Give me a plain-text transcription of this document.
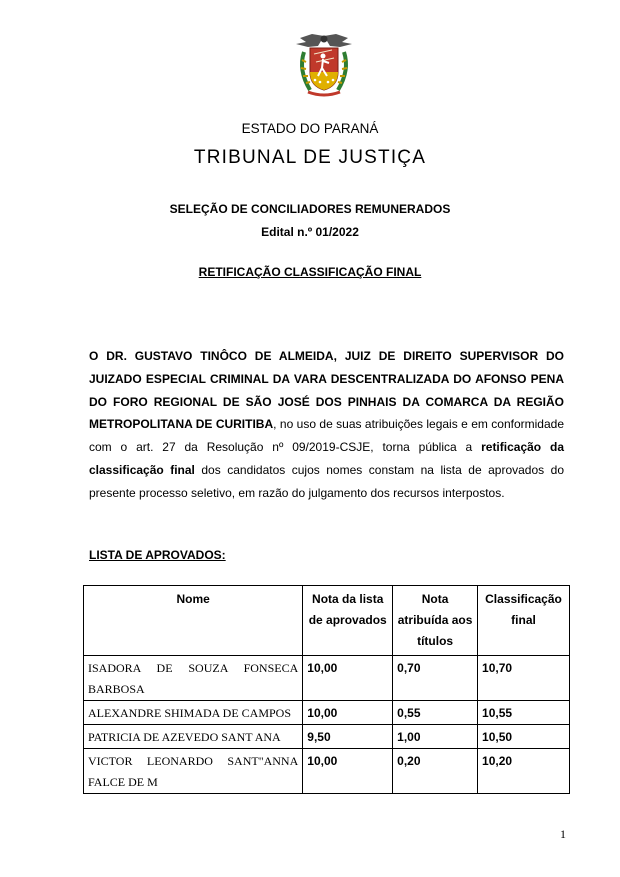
ESTADO DO PARANÁ
TRIBUNAL DE JUSTIÇA
SELEÇÃO DE CONCILIADORES REMUNERADOS
Edital n.º 01/2022
RETIFICAÇÃO CLASSIFICAÇÃO FINAL

O DR. GUSTAVO TINÔCO DE ALMEIDA, JUIZ DE DIREITO SUPERVISOR DO JUIZADO ESPECIAL CRIMINAL DA VARA DESCENTRALIZADA DO AFONSO PENA DO FORO REGIONAL DE SÃO JOSÉ DOS PINHAIS DA COMARCA DA REGIÃO METROPOLITANA DE CURITIBA, no uso de suas atribuições legais e em conformidade com o art. 27 da Resolução nº 09/2019-CSJE, torna pública a retificação da classificação final dos candidatos cujos nomes constam na lista de aprovados do presente processo seletivo, em razão do julgamento dos recursos interpostos.

LISTA DE APROVADOS:
Nome	Nota da lista de aprovados	Nota atribuída aos títulos	Classificação final
ISADORA DE SOUZA FONSECA BARBOSA	10,00	0,70	10,70
ALEXANDRE SHIMADA DE CAMPOS	10,00	0,55	10,55
PATRICIA DE AZEVEDO SANT ANA	9,50	1,00	10,50
VICTOR LEONARDO SANT"ANNA FALCE DE M	10,00	0,20	10,20
1
